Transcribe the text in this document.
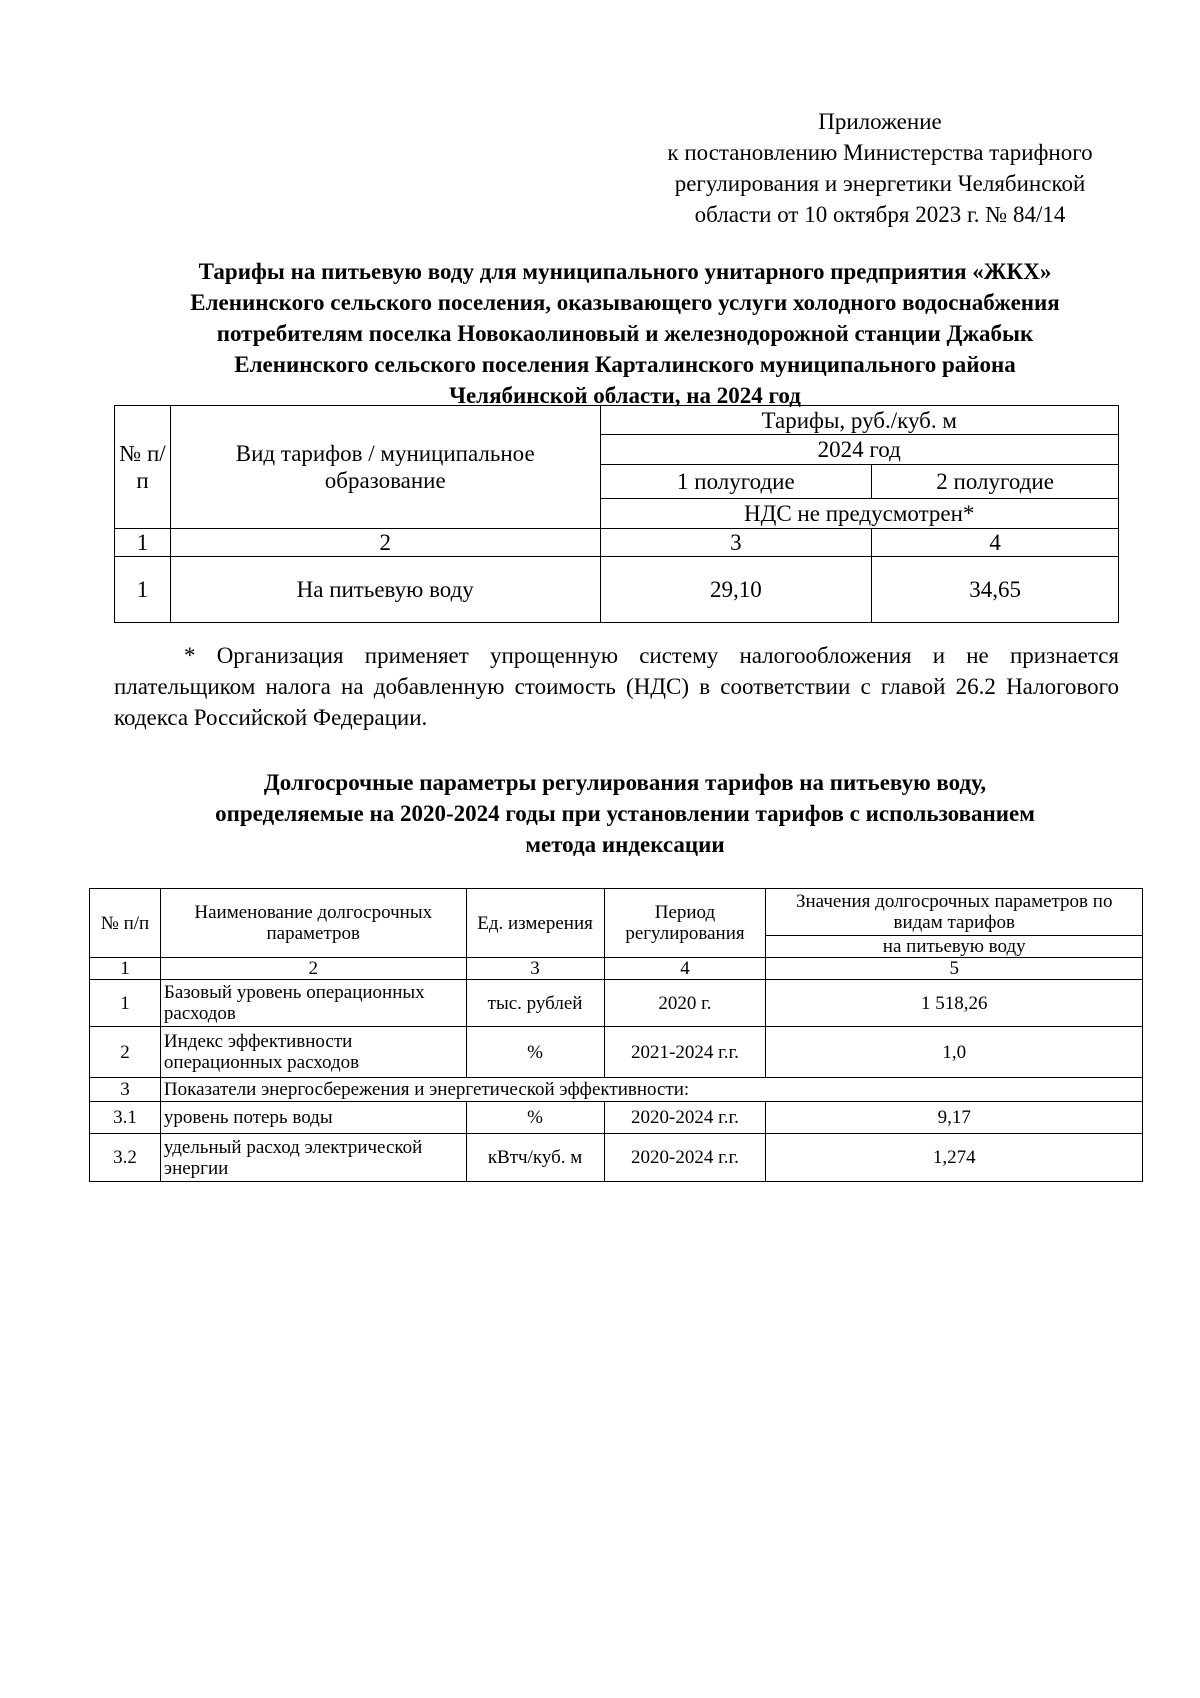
Приложение
к постановлению Министерства тарифного
регулирования и энергетики Челябинской
области от 10 октября 2023 г. № 84/14
Тарифы на питьевую воду для муниципального унитарного предприятия «ЖКХ»
Еленинского сельского поселения, оказывающего услуги холодного водоснабжения
потребителям поселка Новокаолиновый и железнодорожной станции Джабык
Еленинского сельского поселения Карталинского муниципального района
Челябинской области, на 2024 год
№ п/п	Вид тарифов / муниципальное образование	Тарифы, руб./куб. м	
		2024 год	
		1 полугодие	2 полугодие
		НДС не предусмотрен*	
1	2	3	4
1	На питьевую воду	29,10	34,65
* Организация применяет упрощенную систему налогообложения и не признается плательщиком налога на добавленную стоимость (НДС) в соответствии с главой 26.2 Налогового кодекса Российской Федерации.
Долгосрочные параметры регулирования тарифов на питьевую воду,
определяемые на 2020-2024 годы при установлении тарифов с использованием
метода индексации
№ п/п	Наименование долгосрочных параметров	Ед. измерения	Период регулирования	Значения долгосрочных параметров по видам тарифов
				на питьевую воду
1	2	3	4	5
1	Базовый уровень операционных расходов	тыс. рублей	2020 г.	1 518,26
2	Индекс эффективности операционных расходов	%	2021-2024 г.г.	1,0
3	Показатели энергосбережения и энергетической эффективности:			
3.1	уровень потерь воды	%	2020-2024 г.г.	9,17
3.2	удельный расход электрической энергии	кВтч/куб. м	2020-2024 г.г.	1,274
